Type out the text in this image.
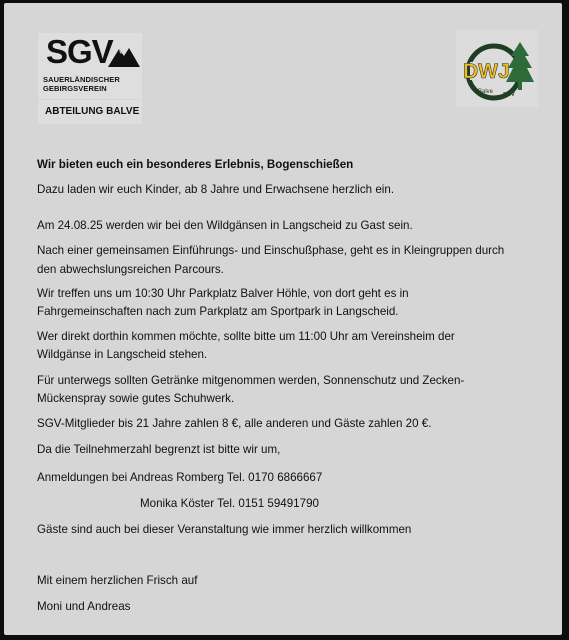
SGV
SAUERLÄNDISCHER
GEBIRGSVEREIN
ABTEILUNG BALVE
DWJ
Balve SGV

Wir bieten euch ein besonderes Erlebnis, Bogenschießen

Dazu laden wir euch Kinder, ab 8 Jahre und Erwachsene herzlich ein.

Am 24.08.25 werden wir bei den Wildgänsen in Langscheid zu Gast sein.

Nach einer gemeinsamen Einführungs- und Einschußphase, geht es in Kleingruppen durch

den abwechslungsreichen Parcours.

Wir treffen uns um 10:30 Uhr Parkplatz Balver Höhle, von dort geht es in

Fahrgemeinschaften nach zum Parkplatz am Sportpark in Langscheid.

Wer direkt dorthin kommen möchte, sollte bitte um 11:00 Uhr am Vereinsheim der

Wildgänse in Langscheid stehen.

Für unterwegs sollten Getränke mitgenommen werden, Sonnenschutz und Zecken-

Mückenspray sowie gutes Schuhwerk.

SGV-Mitglieder bis 21 Jahre zahlen 8 €, alle anderen und Gäste zahlen 20 €.

Da die Teilnehmerzahl begrenzt ist bitte wir um,

Anmeldungen bei Andreas Romberg Tel. 0170 6866667

Monika Köster Tel. 0151 59491790

Gäste sind auch bei dieser Veranstaltung wie immer herzlich willkommen

Mit einem herzlichen Frisch auf

Moni und Andreas
